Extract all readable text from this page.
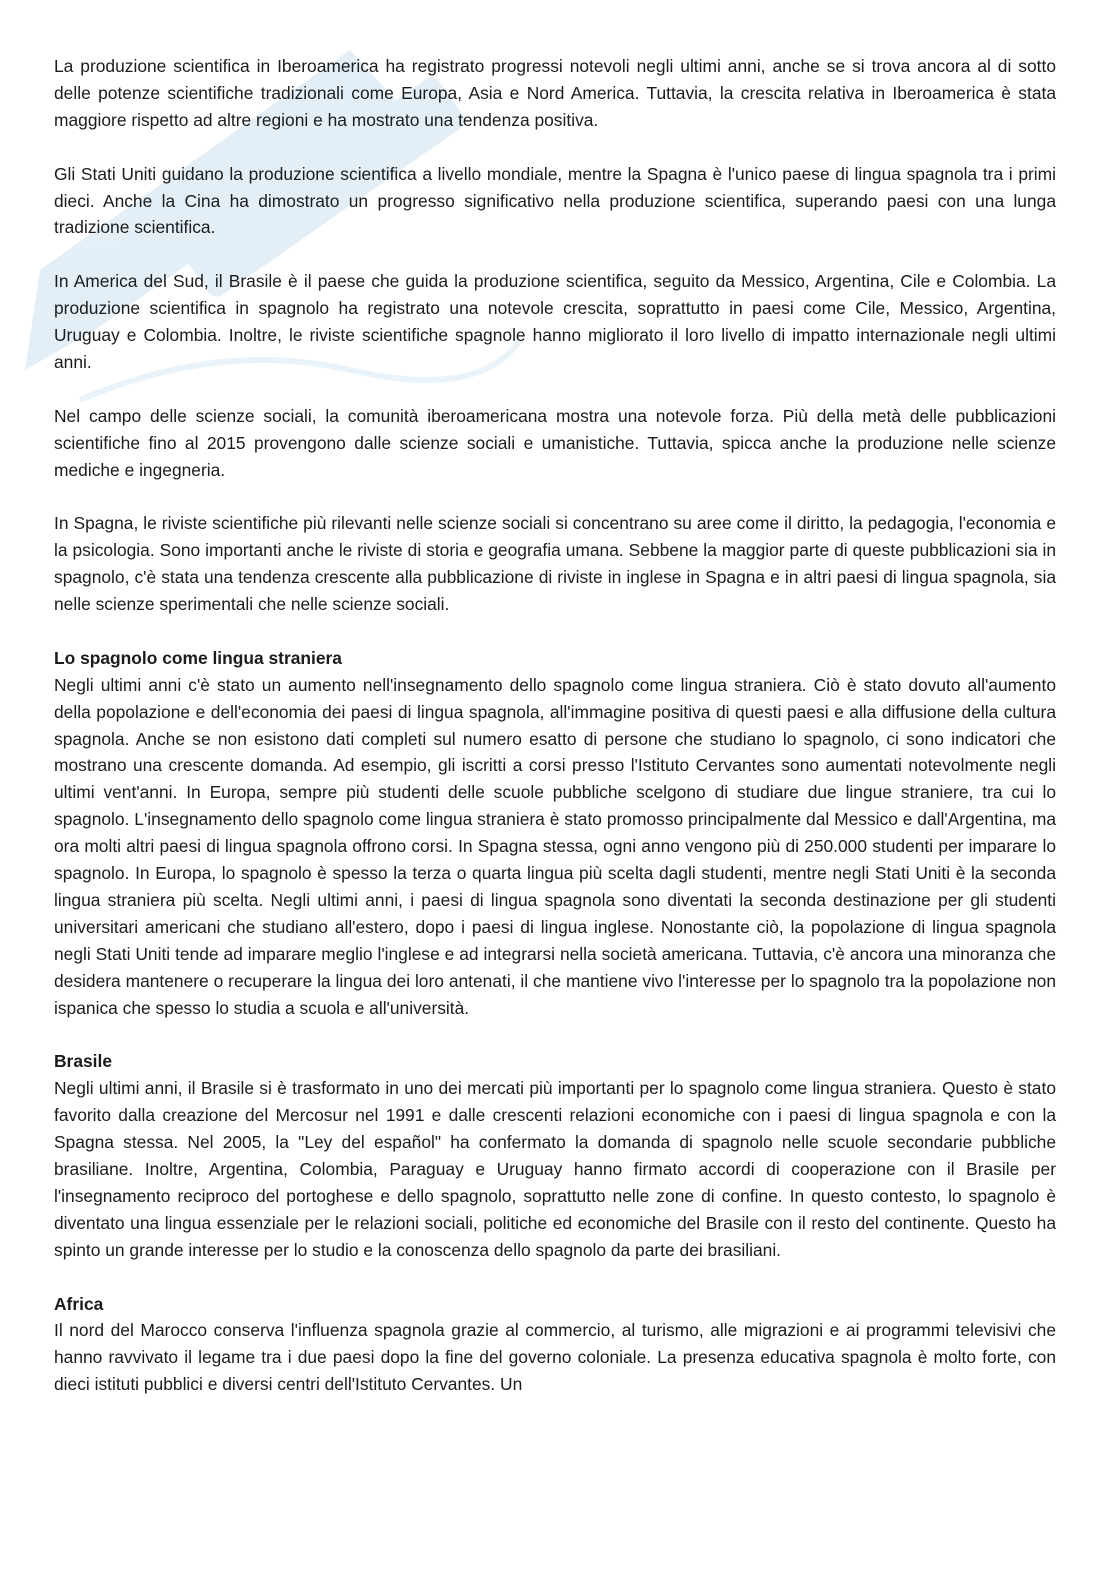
La produzione scientifica in Iberoamerica ha registrato progressi notevoli negli ultimi anni, anche se si trova ancora al di sotto delle potenze scientifiche tradizionali come Europa, Asia e Nord America. Tuttavia, la crescita relativa in Iberoamerica è stata maggiore rispetto ad altre regioni e ha mostrato una tendenza positiva.

Gli Stati Uniti guidano la produzione scientifica a livello mondiale, mentre la Spagna è l'unico paese di lingua spagnola tra i primi dieci. Anche la Cina ha dimostrato un progresso significativo nella produzione scientifica, superando paesi con una lunga tradizione scientifica.

In America del Sud, il Brasile è il paese che guida la produzione scientifica, seguito da Messico, Argentina, Cile e Colombia. La produzione scientifica in spagnolo ha registrato una notevole crescita, soprattutto in paesi come Cile, Messico, Argentina, Uruguay e Colombia. Inoltre, le riviste scientifiche spagnole hanno migliorato il loro livello di impatto internazionale negli ultimi anni.

Nel campo delle scienze sociali, la comunità iberoamericana mostra una notevole forza. Più della metà delle pubblicazioni scientifiche fino al 2015 provengono dalle scienze sociali e umanistiche. Tuttavia, spicca anche la produzione nelle scienze mediche e ingegneria.

In Spagna, le riviste scientifiche più rilevanti nelle scienze sociali si concentrano su aree come il diritto, la pedagogia, l'economia e la psicologia. Sono importanti anche le riviste di storia e geografia umana. Sebbene la maggior parte di queste pubblicazioni sia in spagnolo, c'è stata una tendenza crescente alla pubblicazione di riviste in inglese in Spagna e in altri paesi di lingua spagnola, sia nelle scienze sperimentali che nelle scienze sociali.

Lo spagnolo come lingua straniera

Negli ultimi anni c'è stato un aumento nell'insegnamento dello spagnolo come lingua straniera. Ciò è stato dovuto all'aumento della popolazione e dell'economia dei paesi di lingua spagnola, all'immagine positiva di questi paesi e alla diffusione della cultura spagnola. Anche se non esistono dati completi sul numero esatto di persone che studiano lo spagnolo, ci sono indicatori che mostrano una crescente domanda. Ad esempio, gli iscritti a corsi presso l'Istituto Cervantes sono aumentati notevolmente negli ultimi vent'anni. In Europa, sempre più studenti delle scuole pubbliche scelgono di studiare due lingue straniere, tra cui lo spagnolo. L'insegnamento dello spagnolo come lingua straniera è stato promosso principalmente dal Messico e dall'Argentina, ma ora molti altri paesi di lingua spagnola offrono corsi. In Spagna stessa, ogni anno vengono più di 250.000 studenti per imparare lo spagnolo. In Europa, lo spagnolo è spesso la terza o quarta lingua più scelta dagli studenti, mentre negli Stati Uniti è la seconda lingua straniera più scelta. Negli ultimi anni, i paesi di lingua spagnola sono diventati la seconda destinazione per gli studenti universitari americani che studiano all'estero, dopo i paesi di lingua inglese. Nonostante ciò, la popolazione di lingua spagnola negli Stati Uniti tende ad imparare meglio l'inglese e ad integrarsi nella società americana. Tuttavia, c'è ancora una minoranza che desidera mantenere o recuperare la lingua dei loro antenati, il che mantiene vivo l'interesse per lo spagnolo tra la popolazione non ispanica che spesso lo studia a scuola e all'università.

Brasile

Negli ultimi anni, il Brasile si è trasformato in uno dei mercati più importanti per lo spagnolo come lingua straniera. Questo è stato favorito dalla creazione del Mercosur nel 1991 e dalle crescenti relazioni economiche con i paesi di lingua spagnola e con la Spagna stessa. Nel 2005, la "Ley del español" ha confermato la domanda di spagnolo nelle scuole secondarie pubbliche brasiliane. Inoltre, Argentina, Colombia, Paraguay e Uruguay hanno firmato accordi di cooperazione con il Brasile per l'insegnamento reciproco del portoghese e dello spagnolo, soprattutto nelle zone di confine. In questo contesto, lo spagnolo è diventato una lingua essenziale per le relazioni sociali, politiche ed economiche del Brasile con il resto del continente. Questo ha spinto un grande interesse per lo studio e la conoscenza dello spagnolo da parte dei brasiliani.

Africa

Il nord del Marocco conserva l'influenza spagnola grazie al commercio, al turismo, alle migrazioni e ai programmi televisivi che hanno ravvivato il legame tra i due paesi dopo la fine del governo coloniale. La presenza educativa spagnola è molto forte, con dieci istituti pubblici e diversi centri dell'Istituto Cervantes. Un
